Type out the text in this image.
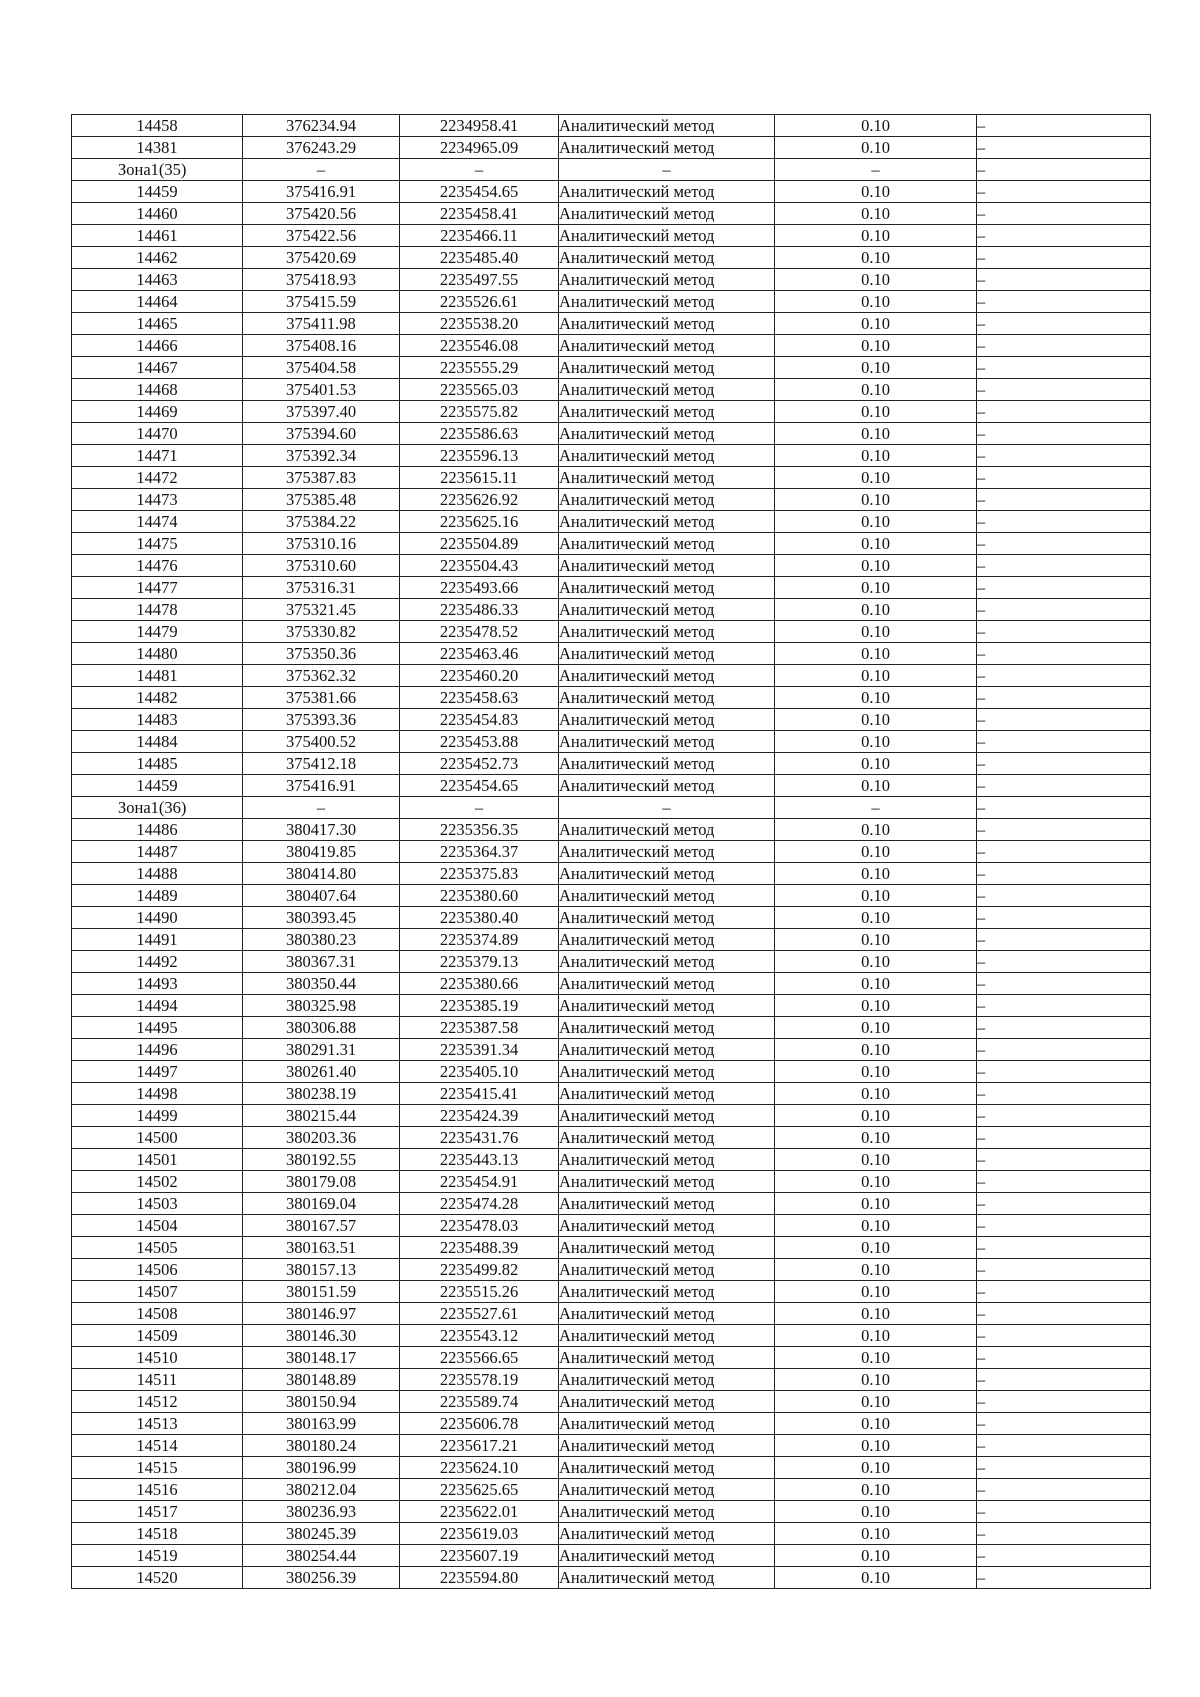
14458	376234.94	2234958.41	Аналитический метод	0.10	–
14381	376243.29	2234965.09	Аналитический метод	0.10	–
Зона1(35)	–	–	–	–	–
14459	375416.91	2235454.65	Аналитический метод	0.10	–
14460	375420.56	2235458.41	Аналитический метод	0.10	–
14461	375422.56	2235466.11	Аналитический метод	0.10	–
14462	375420.69	2235485.40	Аналитический метод	0.10	–
14463	375418.93	2235497.55	Аналитический метод	0.10	–
14464	375415.59	2235526.61	Аналитический метод	0.10	–
14465	375411.98	2235538.20	Аналитический метод	0.10	–
14466	375408.16	2235546.08	Аналитический метод	0.10	–
14467	375404.58	2235555.29	Аналитический метод	0.10	–
14468	375401.53	2235565.03	Аналитический метод	0.10	–
14469	375397.40	2235575.82	Аналитический метод	0.10	–
14470	375394.60	2235586.63	Аналитический метод	0.10	–
14471	375392.34	2235596.13	Аналитический метод	0.10	–
14472	375387.83	2235615.11	Аналитический метод	0.10	–
14473	375385.48	2235626.92	Аналитический метод	0.10	–
14474	375384.22	2235625.16	Аналитический метод	0.10	–
14475	375310.16	2235504.89	Аналитический метод	0.10	–
14476	375310.60	2235504.43	Аналитический метод	0.10	–
14477	375316.31	2235493.66	Аналитический метод	0.10	–
14478	375321.45	2235486.33	Аналитический метод	0.10	–
14479	375330.82	2235478.52	Аналитический метод	0.10	–
14480	375350.36	2235463.46	Аналитический метод	0.10	–
14481	375362.32	2235460.20	Аналитический метод	0.10	–
14482	375381.66	2235458.63	Аналитический метод	0.10	–
14483	375393.36	2235454.83	Аналитический метод	0.10	–
14484	375400.52	2235453.88	Аналитический метод	0.10	–
14485	375412.18	2235452.73	Аналитический метод	0.10	–
14459	375416.91	2235454.65	Аналитический метод	0.10	–
Зона1(36)	–	–	–	–	–
14486	380417.30	2235356.35	Аналитический метод	0.10	–
14487	380419.85	2235364.37	Аналитический метод	0.10	–
14488	380414.80	2235375.83	Аналитический метод	0.10	–
14489	380407.64	2235380.60	Аналитический метод	0.10	–
14490	380393.45	2235380.40	Аналитический метод	0.10	–
14491	380380.23	2235374.89	Аналитический метод	0.10	–
14492	380367.31	2235379.13	Аналитический метод	0.10	–
14493	380350.44	2235380.66	Аналитический метод	0.10	–
14494	380325.98	2235385.19	Аналитический метод	0.10	–
14495	380306.88	2235387.58	Аналитический метод	0.10	–
14496	380291.31	2235391.34	Аналитический метод	0.10	–
14497	380261.40	2235405.10	Аналитический метод	0.10	–
14498	380238.19	2235415.41	Аналитический метод	0.10	–
14499	380215.44	2235424.39	Аналитический метод	0.10	–
14500	380203.36	2235431.76	Аналитический метод	0.10	–
14501	380192.55	2235443.13	Аналитический метод	0.10	–
14502	380179.08	2235454.91	Аналитический метод	0.10	–
14503	380169.04	2235474.28	Аналитический метод	0.10	–
14504	380167.57	2235478.03	Аналитический метод	0.10	–
14505	380163.51	2235488.39	Аналитический метод	0.10	–
14506	380157.13	2235499.82	Аналитический метод	0.10	–
14507	380151.59	2235515.26	Аналитический метод	0.10	–
14508	380146.97	2235527.61	Аналитический метод	0.10	–
14509	380146.30	2235543.12	Аналитический метод	0.10	–
14510	380148.17	2235566.65	Аналитический метод	0.10	–
14511	380148.89	2235578.19	Аналитический метод	0.10	–
14512	380150.94	2235589.74	Аналитический метод	0.10	–
14513	380163.99	2235606.78	Аналитический метод	0.10	–
14514	380180.24	2235617.21	Аналитический метод	0.10	–
14515	380196.99	2235624.10	Аналитический метод	0.10	–
14516	380212.04	2235625.65	Аналитический метод	0.10	–
14517	380236.93	2235622.01	Аналитический метод	0.10	–
14518	380245.39	2235619.03	Аналитический метод	0.10	–
14519	380254.44	2235607.19	Аналитический метод	0.10	–
14520	380256.39	2235594.80	Аналитический метод	0.10	–
